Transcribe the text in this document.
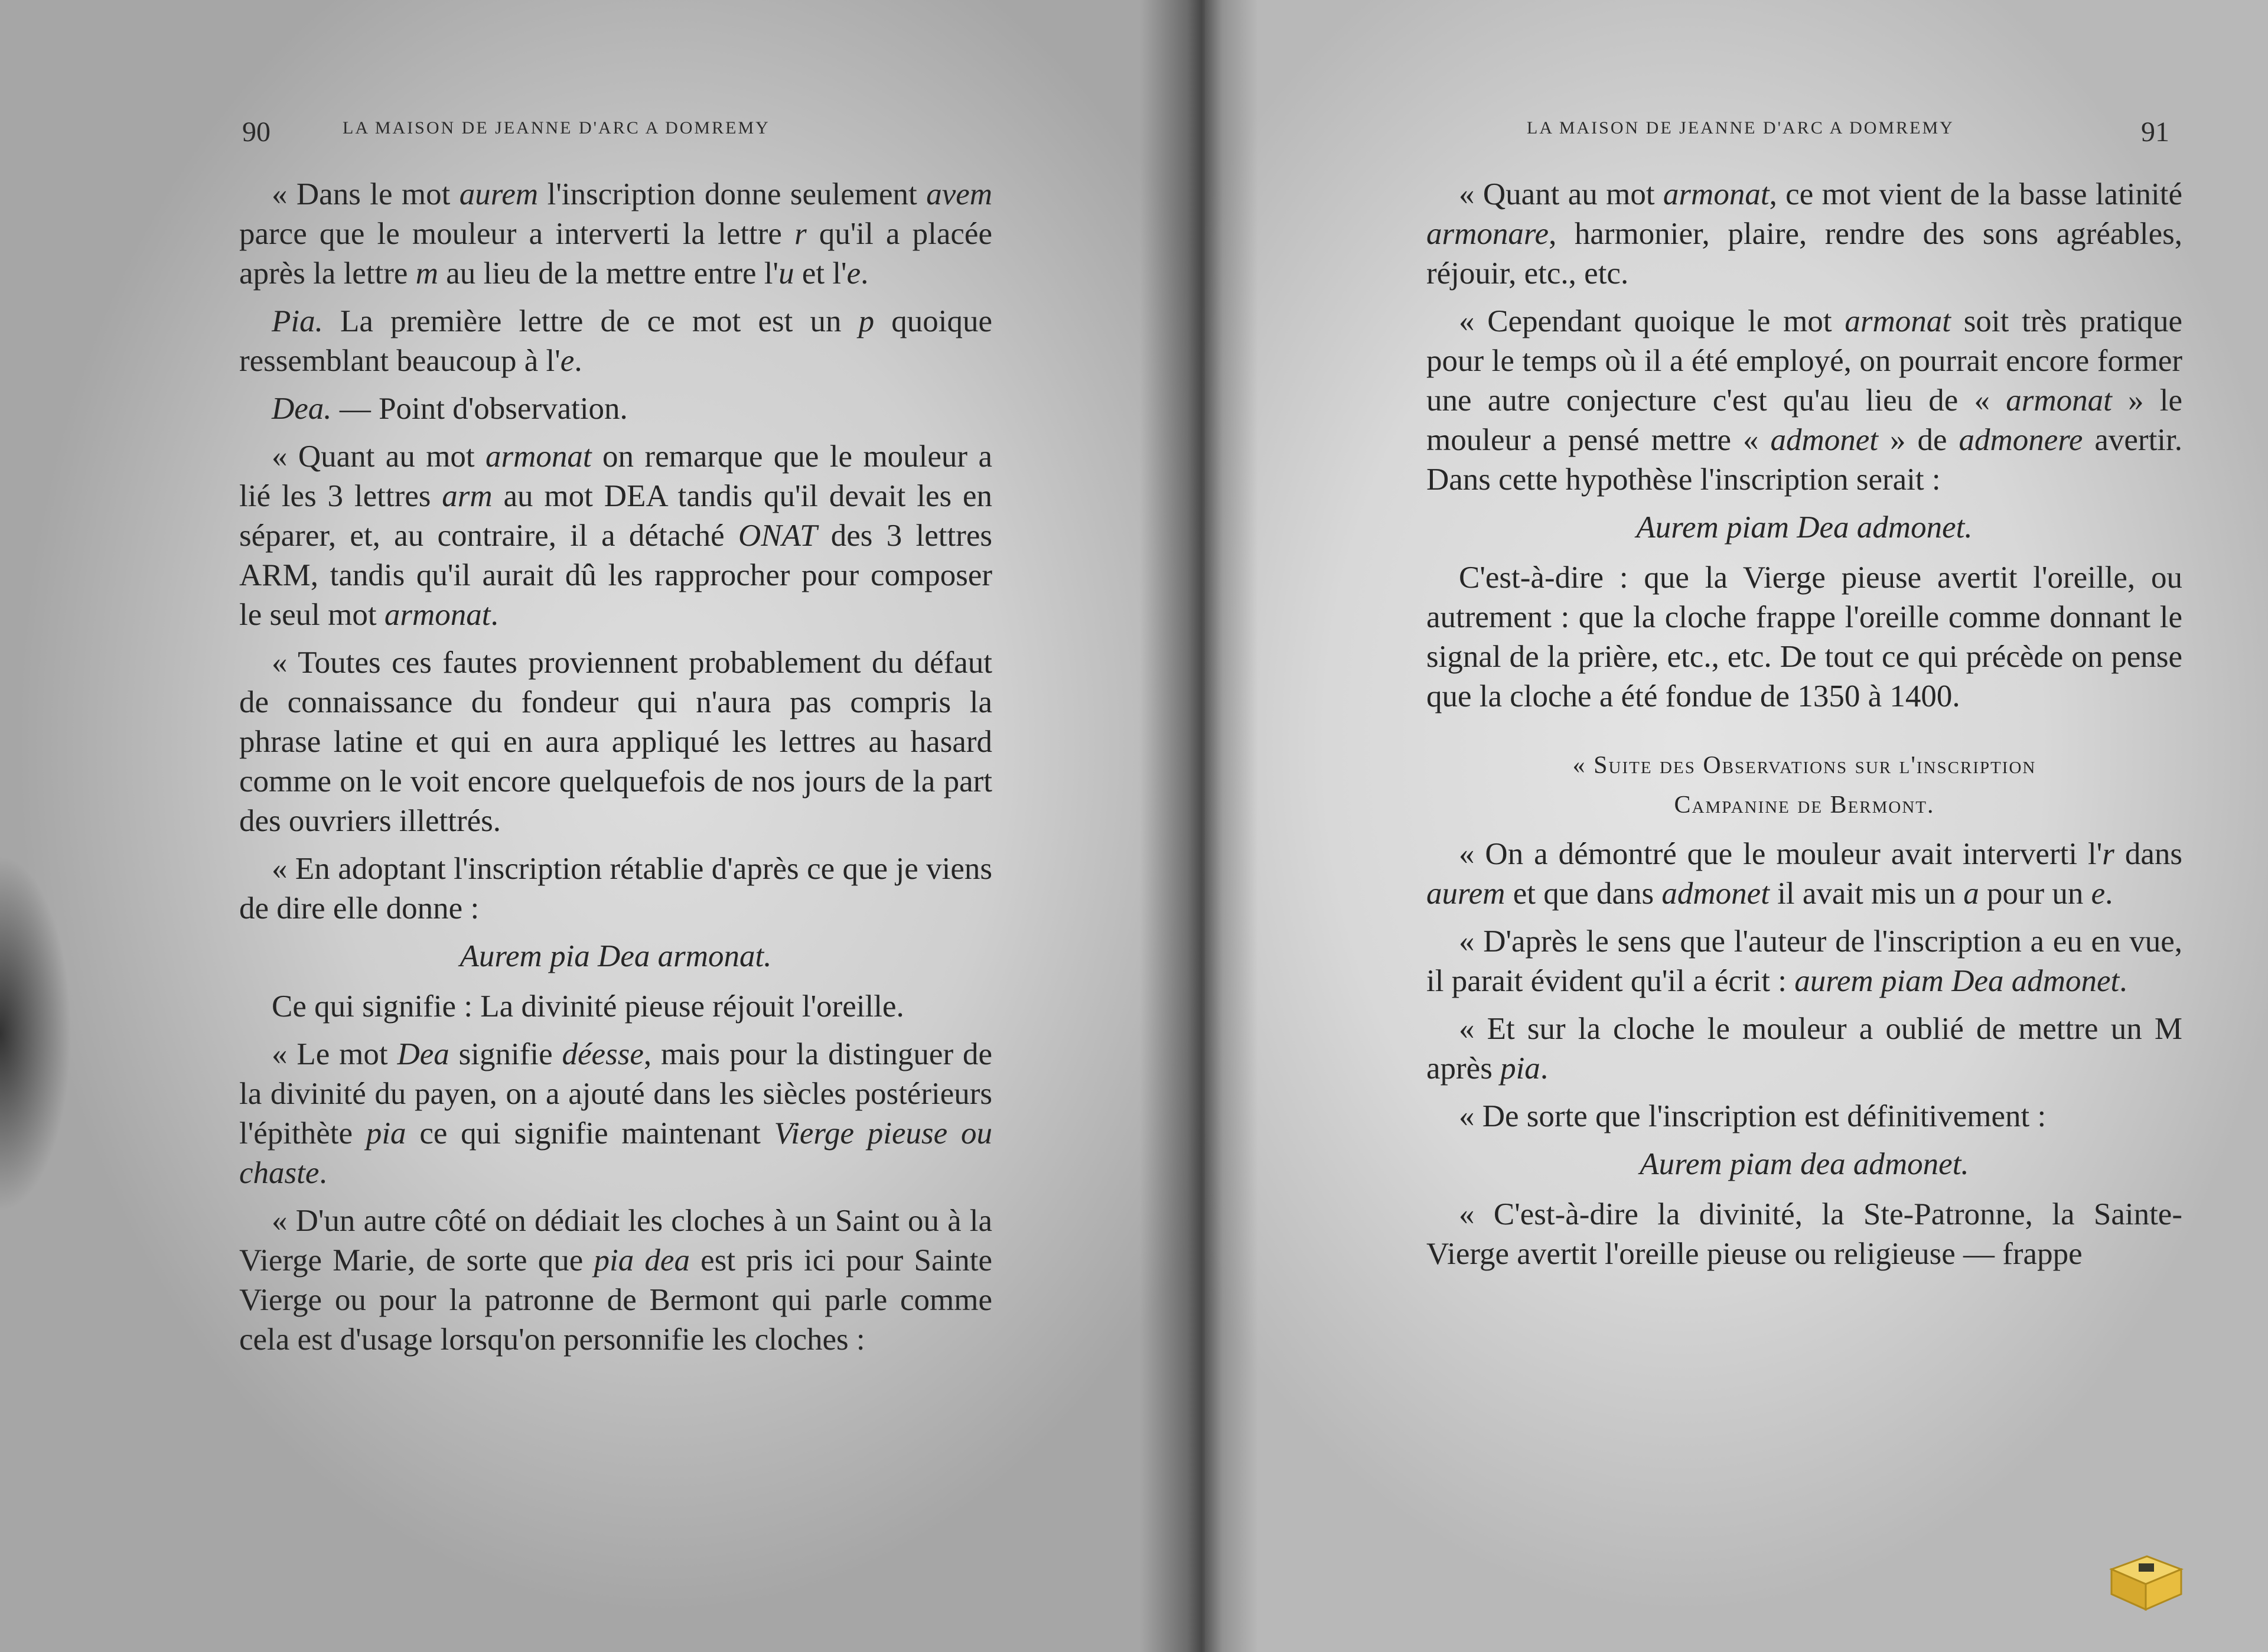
90	LA MAISON DE JEANNE D'ARC A DOMREMY

« Dans le mot aurem l'inscription donne seulement avem parce que le mouleur a interverti la lettre r qu'il a placée après la lettre m au lieu de la mettre entre l'u et l'e.

Pia. La première lettre de ce mot est un p quoique ressemblant beaucoup à l'e.

Dea. — Point d'observation.

« Quant au mot armonat on remarque que le mouleur a lié les 3 lettres arm au mot DEA tandis qu'il devait les en séparer, et, au contraire, il a détaché ONAT des 3 lettres ARM, tandis qu'il aurait dû les rapprocher pour composer le seul mot armonat.

« Toutes ces fautes proviennent probablement du défaut de connaissance du fondeur qui n'aura pas compris la phrase latine et qui en aura appliqué les lettres au hasard comme on le voit encore quelquefois de nos jours de la part des ouvriers illettrés.

« En adoptant l'inscription rétablie d'après ce que je viens de dire elle donne :

Aurem pia Dea armonat.

Ce qui signifie : La divinité pieuse réjouit l'oreille.

« Le mot Dea signifie déesse, mais pour la distinguer de la divinité du payen, on a ajouté dans les siècles postérieurs l'épithète pia ce qui signifie maintenant Vierge pieuse ou chaste.

« D'un autre côté on dédiait les cloches à un Saint ou à la Vierge Marie, de sorte que pia dea est pris ici pour Sainte Vierge ou pour la patronne de Bermont qui parle comme cela est d'usage lorsqu'on personnifie les cloches :

LA MAISON DE JEANNE D'ARC A DOMREMY	91

« Quant au mot armonat, ce mot vient de la basse latinité armonare, harmonier, plaire, rendre des sons agréables, réjouir, etc., etc.

« Cependant quoique le mot armonat soit très pratique pour le temps où il a été employé, on pourrait encore former une autre conjecture c'est qu'au lieu de « armonat » le mouleur a pensé mettre « admonet » de admonere avertir. Dans cette hypothèse l'inscription serait :

Aurem piam Dea admonet.

C'est-à-dire : que la Vierge pieuse avertit l'oreille, ou autrement : que la cloche frappe l'oreille comme donnant le signal de la prière, etc., etc. De tout ce qui précède on pense que la cloche a été fondue de 1350 à 1400.

« Suite des Observations sur l'inscription

Campanine de Bermont.

« On a démontré que le mouleur avait interverti l'r dans aurem et que dans admonet il avait mis un a pour un e.

« D'après le sens que l'auteur de l'inscription a eu en vue, il parait évident qu'il a écrit : aurem piam Dea admonet.

« Et sur la cloche le mouleur a oublié de mettre un M après pia.

« De sorte que l'inscription est définitivement :

Aurem piam dea admonet.

« C'est-à-dire la divinité, la Ste-Patronne, la Sainte-Vierge avertit l'oreille pieuse ou religieuse — frappe
